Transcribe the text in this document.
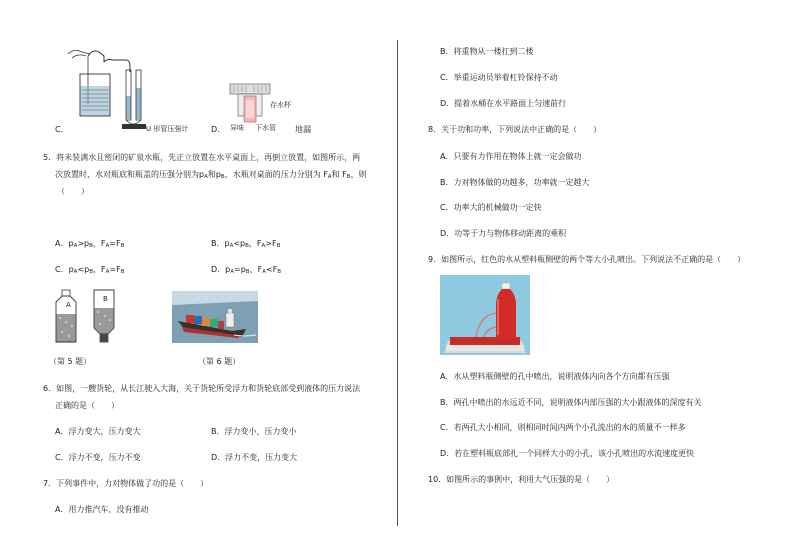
C．	U 形管压强计
存水杯
异味 下水管
D．	地漏
5．将未装满水且密闭的矿泉水瓶，先正立放置在水平桌面上，再倒立放置，如图所示，两
次放置时，水对瓶底和瓶盖的压强分别为$p_A$和$p_B$，水瓶对桌面的压力分别为 $F_A$和 $F_B$，则
（　　）
A．$p_A>p_B$，$F_A=F_B$	B．$p_A<p_B$，$F_A>F_B$
C．$p_A<p_B$，$F_A=F_B$	D．$p_A=p_B$，$F_A<F_B$
A
B
（第 5 题）	（第 6 题）
6．如图，一艘货轮，从长江驶入大海，关于货轮所受浮力和货轮底部受到液体的压力说法
正确的是（　　）
A．浮力变大，压力变大	B．浮力变小，压力变小
C．浮力不变，压力不变	D．浮力不变，压力变大
7．下列事件中，力对物体做了功的是（　　）
A．用力推汽车，没有推动
B．将重物从一楼扛到二楼
C．举重运动员举着杠铃保持不动
D．提着水桶在水平路面上匀速前行
8．关于功和功率，下列说法中正确的是（　　）
A．只要有力作用在物体上就一定会做功
B．力对物体做的功越多，功率就一定越大
C．功率大的机械做功一定快
D．功等于力与物体移动距离的乘积
9．如图所示，红色的水从塑料瓶侧壁的两个等大小孔喷出。下列说法不正确的是（　　）
A．水从塑料瓶侧壁的孔中喷出，说明液体内向各个方向都有压强
B．两孔中喷出的水远近不同，说明液体内部压强的大小跟液体的深度有关
C．若两孔大小相同，则相同时间内两个小孔流出的水的质量不一样多
D．若在塑料瓶底部扎一个同样大小的小孔，该小孔喷出的水流速度更快
10．如图所示的事例中，利用大气压强的是（　　）
